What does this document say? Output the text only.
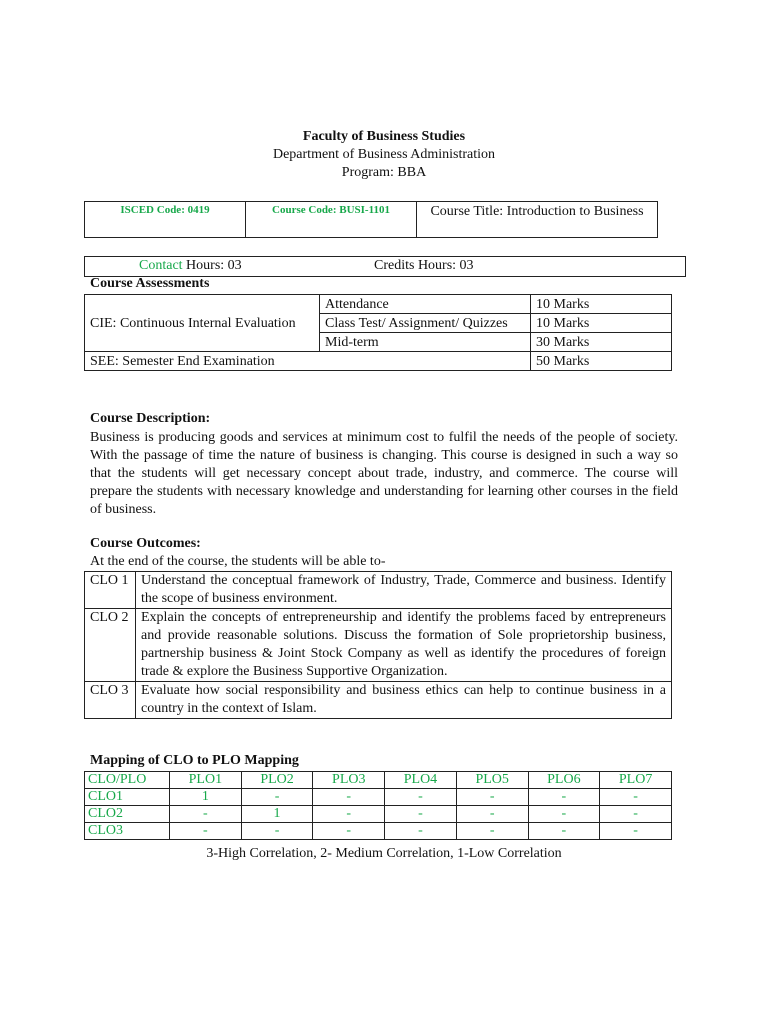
Faculty of Business Studies
Department of Business Administration
Program: BBA
ISCED Code: 0419	Course Code: BUSI-1101	Course Title: Introduction to Business
Contact Hours: 03	Credits Hours: 03
Course Assessments
CIE: Continuous Internal Evaluation	Attendance	10 Marks
	Class Test/ Assignment/ Quizzes	10 Marks
	Mid-term	30 Marks
SEE: Semester End Examination		50 Marks
Course Description:
Business is producing goods and services at minimum cost to fulfil the needs of the people of society. With the passage of time the nature of business is changing. This course is designed in such a way so that the students will get necessary concept about trade, industry, and commerce. The course will prepare the students with necessary knowledge and understanding for learning other courses in the field of business.
Course Outcomes:
At the end of the course, the students will be able to-
CLO 1	Understand the conceptual framework of Industry, Trade, Commerce and business. Identify the scope of business environment.
CLO 2	Explain the concepts of entrepreneurship and identify the problems faced by entrepreneurs and provide reasonable solutions. Discuss the formation of Sole proprietorship business, partnership business & Joint Stock Company as well as identify the procedures of foreign trade & explore the Business Supportive Organization.
CLO 3	Evaluate how social responsibility and business ethics can help to continue business in a country in the context of Islam.
Mapping of CLO to PLO Mapping
CLO/PLO	PLO1	PLO2	PLO3	PLO4	PLO5	PLO6	PLO7
CLO1	1	-	-	-	-	-	-
CLO2	-	1	-	-	-	-	-
CLO3	-	-	-	-	-	-	-
3-High Correlation, 2- Medium Correlation, 1-Low Correlation
